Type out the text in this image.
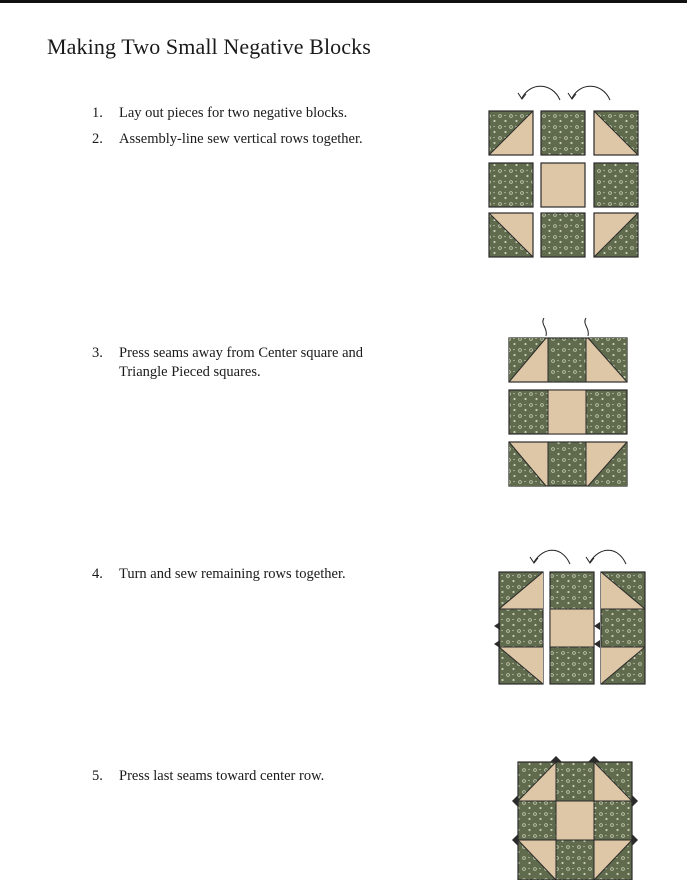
Making Two Small Negative Blocks
1. Lay out pieces for two negative blocks.
2. Assembly-line sew vertical rows together.
3. Press seams away from Center square and Triangle Pieced squares.
4. Turn and sew remaining rows together.
5. Press last seams toward center row.
